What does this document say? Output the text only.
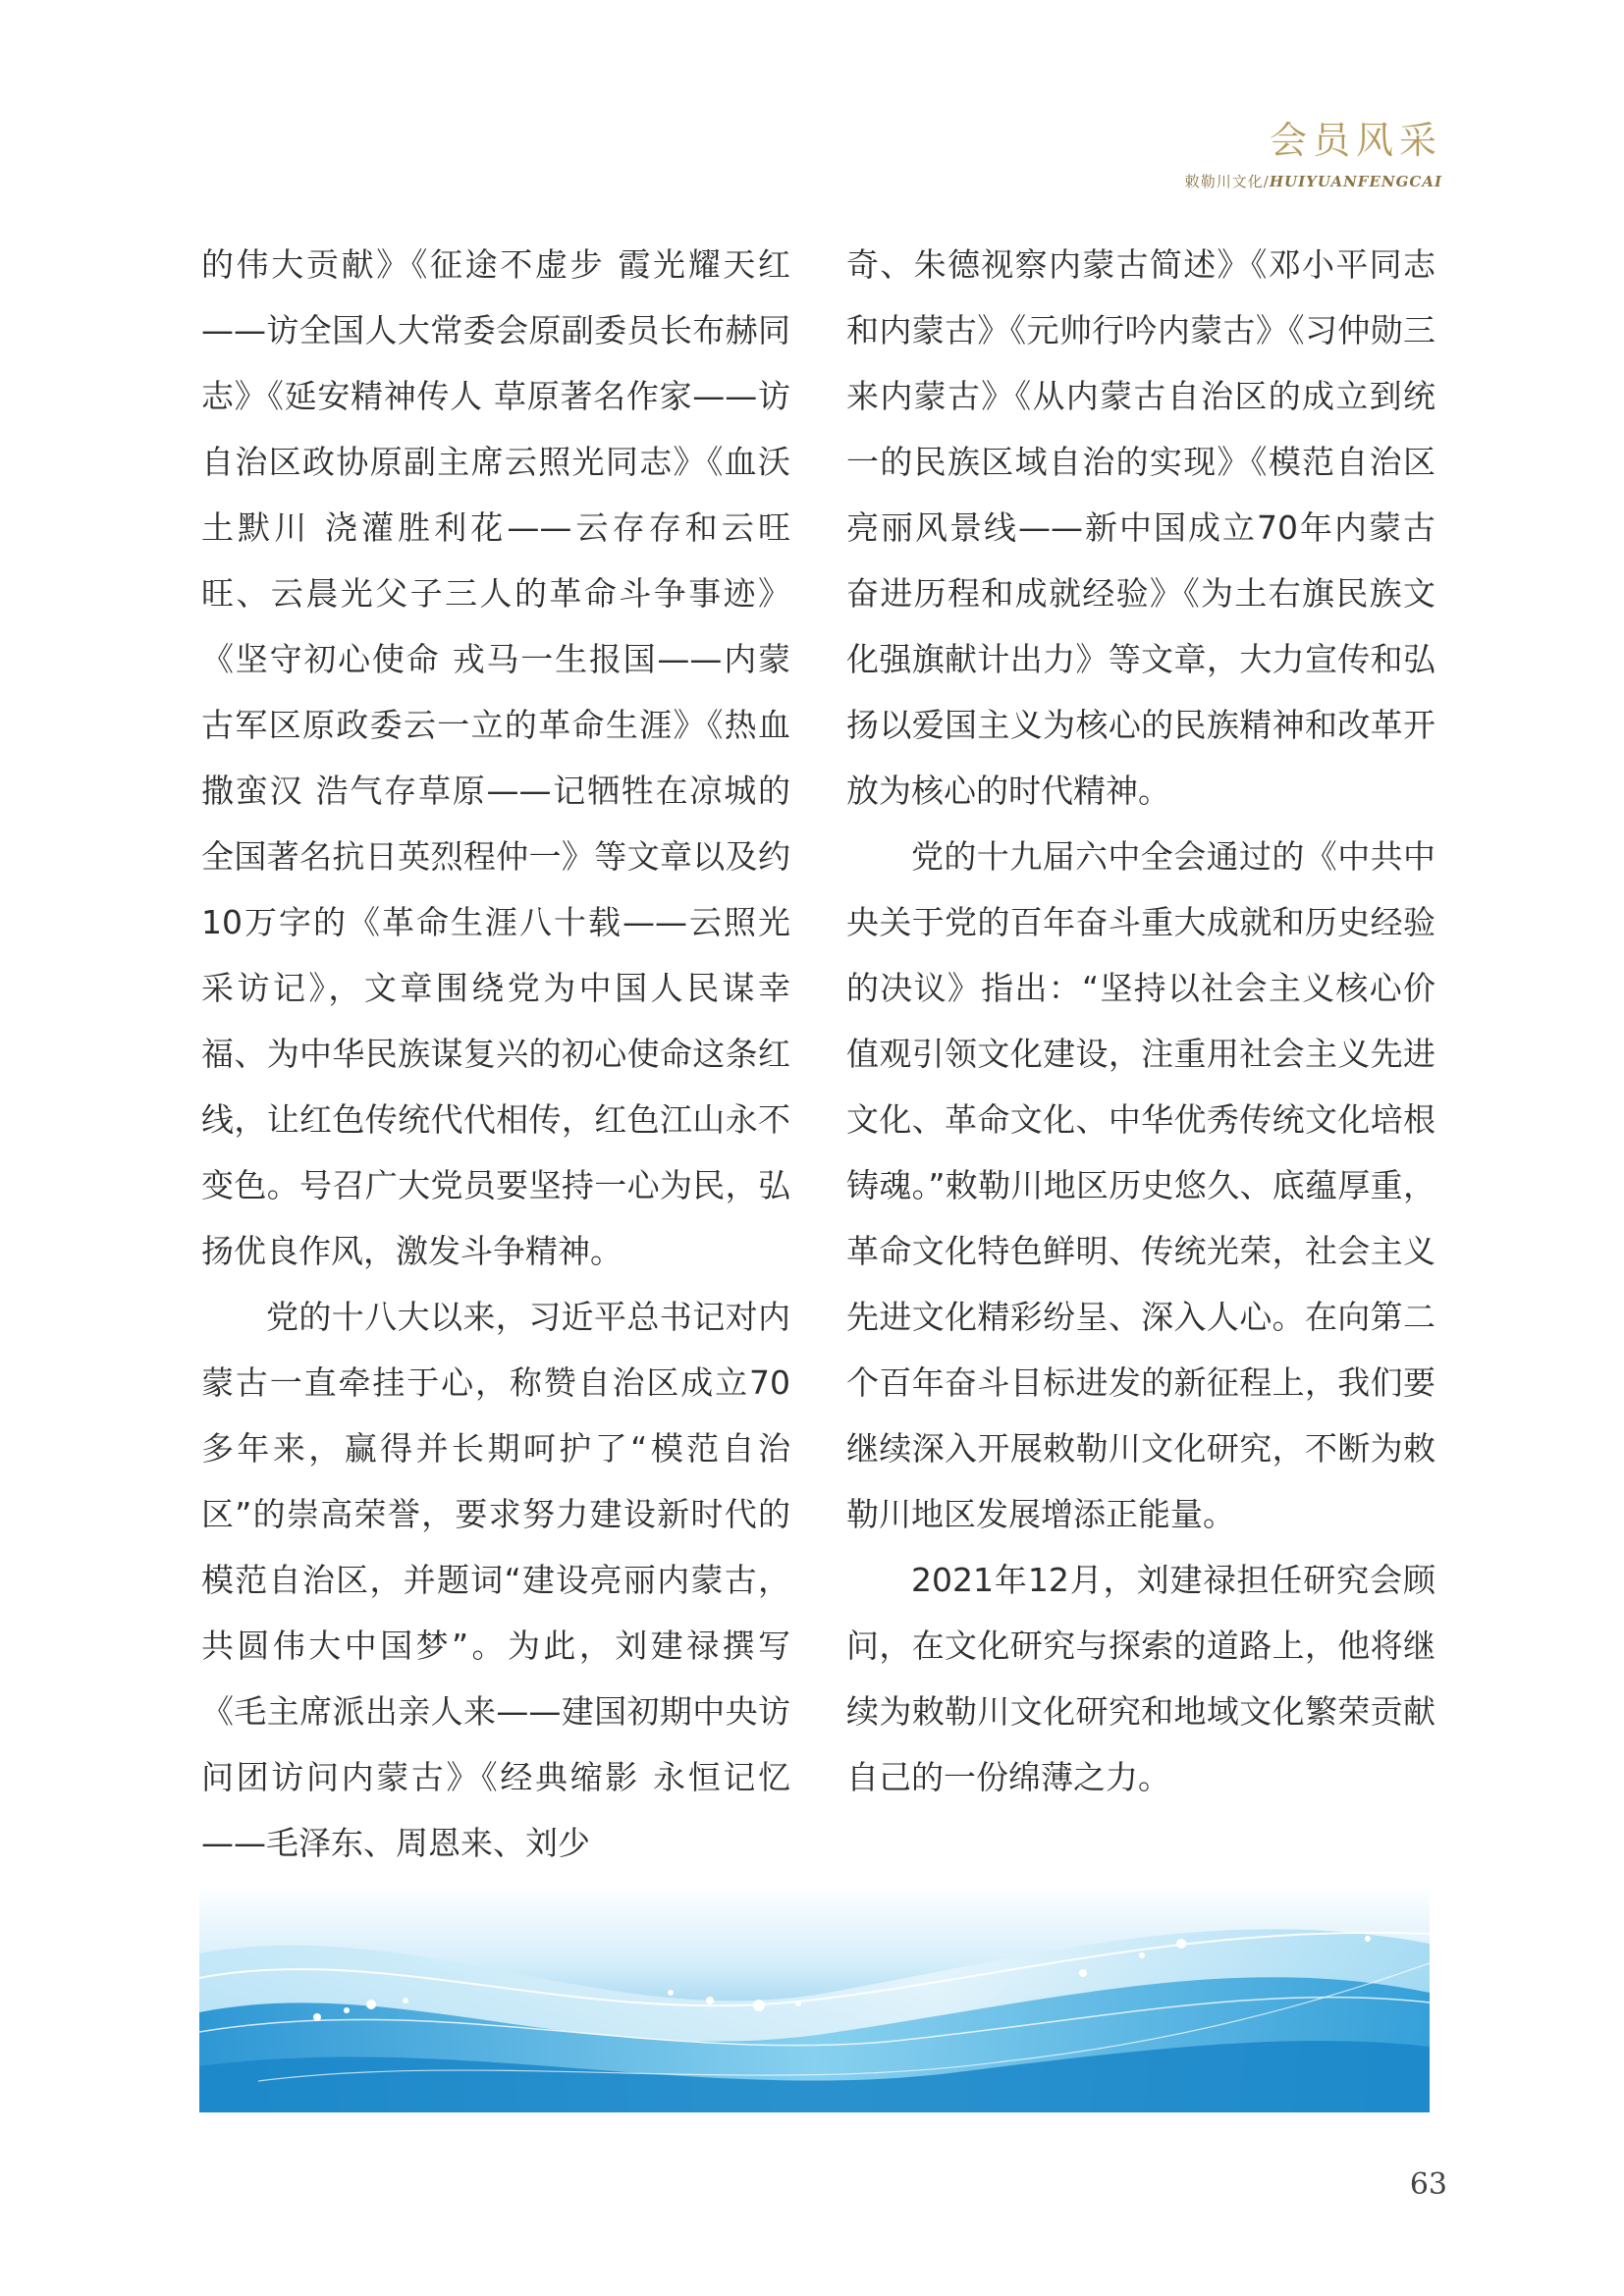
会员风采
敕勒川文化/HUIYUANFENGCAI

的伟大贡献》《征途不虚步 霞光耀天红——访全国人大常委会原副委员长布赫同志》《延安精神传人 草原著名作家——访自治区政协原副主席云照光同志》《血沃土默川 浇灌胜利花——云存存和云旺旺、云晨光父子三人的革命斗争事迹》《坚守初心使命 戎马一生报国——内蒙古军区原政委云一立的革命生涯》《热血撒蛮汉 浩气存草原——记牺牲在凉城的全国著名抗日英烈程仲一》等文章以及约10万字的《革命生涯八十载——云照光采访记》，文章围绕党为中国人民谋幸福、为中华民族谋复兴的初心使命这条红线，让红色传统代代相传，红色江山永不变色。号召广大党员要坚持一心为民，弘扬优良作风，激发斗争精神。

党的十八大以来，习近平总书记对内蒙古一直牵挂于心，称赞自治区成立70多年来，赢得并长期呵护了“模范自治区”的崇高荣誉，要求努力建设新时代的模范自治区，并题词“建设亮丽内蒙古，共圆伟大中国梦”。为此，刘建禄撰写《毛主席派出亲人来——建国初期中央访问团访问内蒙古》《经典缩影 永恒记忆——毛泽东、周恩来、刘少

奇、朱德视察内蒙古简述》《邓小平同志和内蒙古》《元帅行吟内蒙古》《习仲勋三来内蒙古》《从内蒙古自治区的成立到统一的民族区域自治的实现》《模范自治区 亮丽风景线——新中国成立70年内蒙古奋进历程和成就经验》《为土右旗民族文化强旗献计出力》等文章，大力宣传和弘扬以爱国主义为核心的民族精神和改革开放为核心的时代精神。

党的十九届六中全会通过的《中共中央关于党的百年奋斗重大成就和历史经验的决议》指出：“坚持以社会主义核心价值观引领文化建设，注重用社会主义先进文化、革命文化、中华优秀传统文化培根铸魂。”敕勒川地区历史悠久、底蕴厚重，革命文化特色鲜明、传统光荣，社会主义先进文化精彩纷呈、深入人心。在向第二个百年奋斗目标进发的新征程上，我们要继续深入开展敕勒川文化研究，不断为敕勒川地区发展增添正能量。

2021年12月，刘建禄担任研究会顾问，在文化研究与探索的道路上，他将继续为敕勒川文化研究和地域文化繁荣贡献自己的一份绵薄之力。

63
